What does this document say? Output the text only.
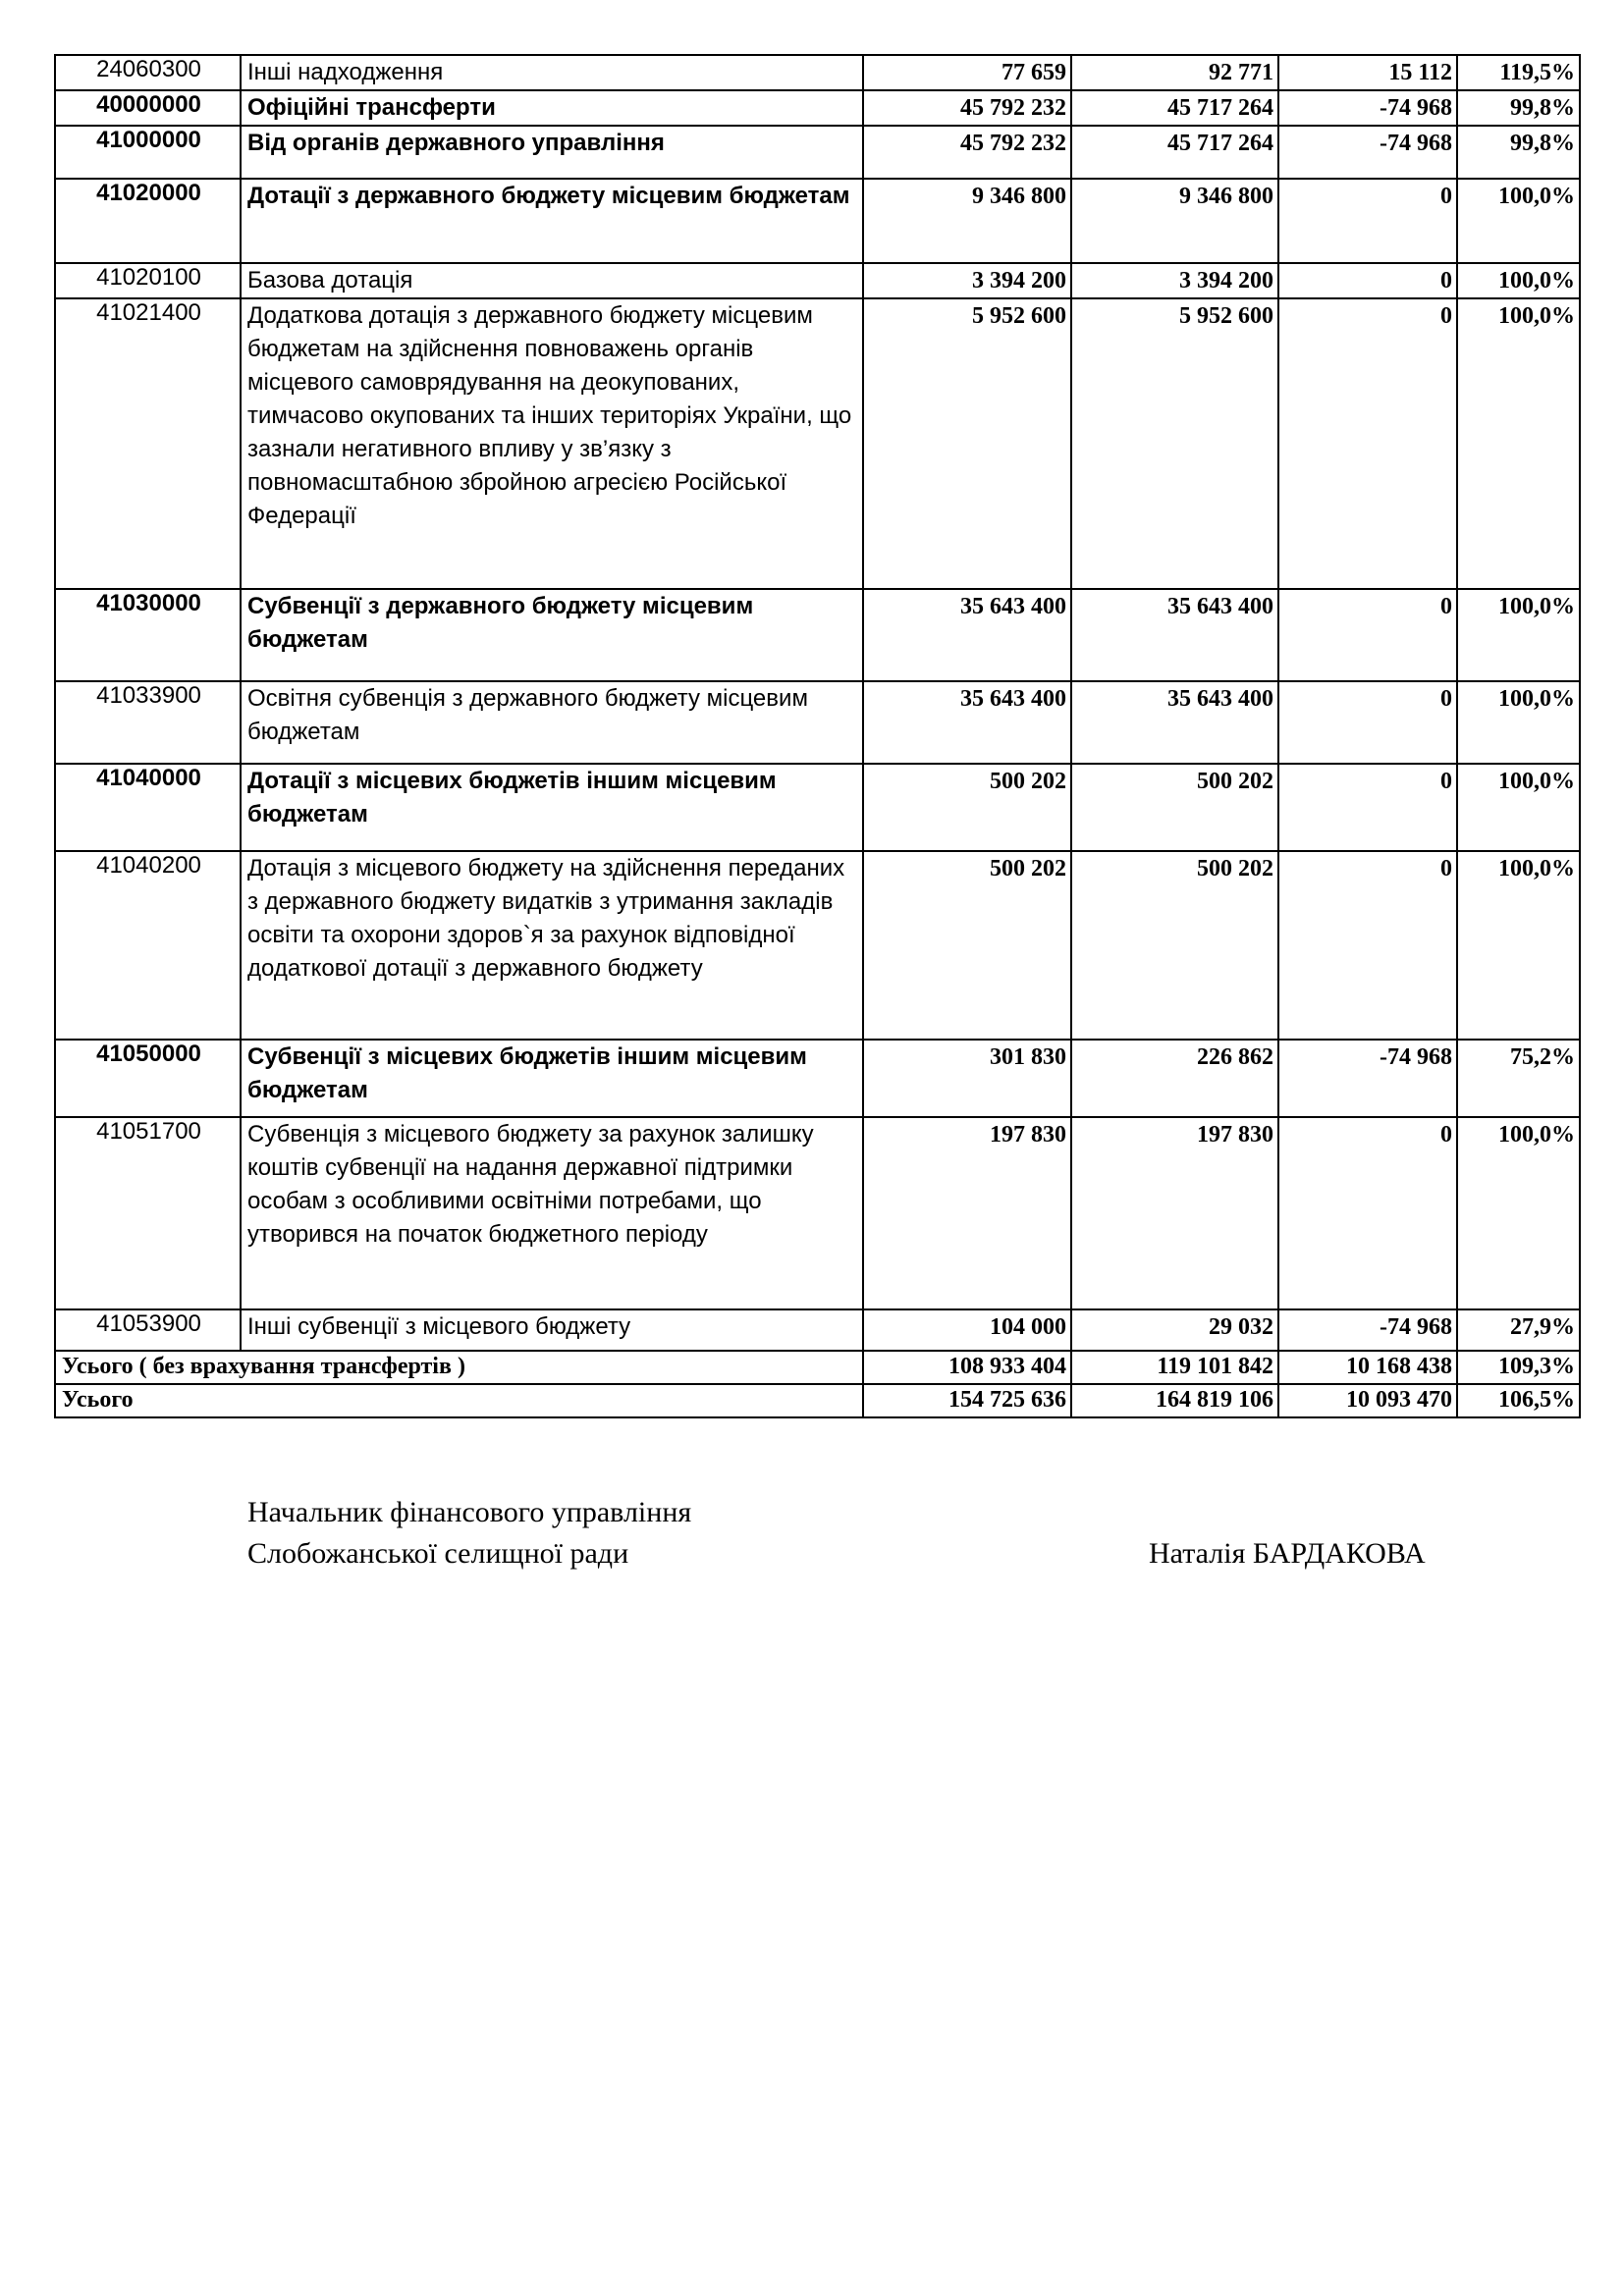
24060300	Інші надходження	77 659	92 771	15 112	119,5%
40000000	Офіційні трансферти	45 792 232	45 717 264	-74 968	99,8%
41000000	Від органів державного управління	45 792 232	45 717 264	-74 968	99,8%
41020000	Дотації з державного бюджету місцевим бюджетам	9 346 800	9 346 800	0	100,0%
41020100	Базова дотація	3 394 200	3 394 200	0	100,0%
41021400	Додаткова дотація з державного бюджету місцевим бюджетам на здійснення повноважень органів місцевого самоврядування на деокупованих, тимчасово окупованих та інших територіях України, що зазнали негативного впливу у зв’язку з повномасштабною збройною агресією Російської Федерації	5 952 600	5 952 600	0	100,0%
41030000	Субвенції з державного бюджету місцевим бюджетам	35 643 400	35 643 400	0	100,0%
41033900	Освітня субвенція з державного бюджету місцевим бюджетам	35 643 400	35 643 400	0	100,0%
41040000	Дотації з місцевих бюджетів іншим місцевим бюджетам	500 202	500 202	0	100,0%
41040200	Дотація з місцевого бюджету на здійснення переданих з державного бюджету видатків з утримання закладів освіти та охорони здоров`я за рахунок відповідної додаткової дотації з державного бюджету	500 202	500 202	0	100,0%
41050000	Субвенції з місцевих бюджетів іншим місцевим бюджетам	301 830	226 862	-74 968	75,2%
41051700	Субвенція з місцевого бюджету за рахунок залишку коштів субвенції на надання державної підтримки особам з особливими освітніми потребами, що утворився на початок бюджетного періоду	197 830	197 830	0	100,0%
41053900	Інші субвенції з місцевого бюджету	104 000	29 032	-74 968	27,9%
Усього ( без врахування трансфертів )		108 933 404	119 101 842	10 168 438	109,3%
Усього		154 725 636	164 819 106	10 093 470	106,5%
Начальник фінансового управління
Слобожанської селищної ради	Наталія БАРДАКОВА
